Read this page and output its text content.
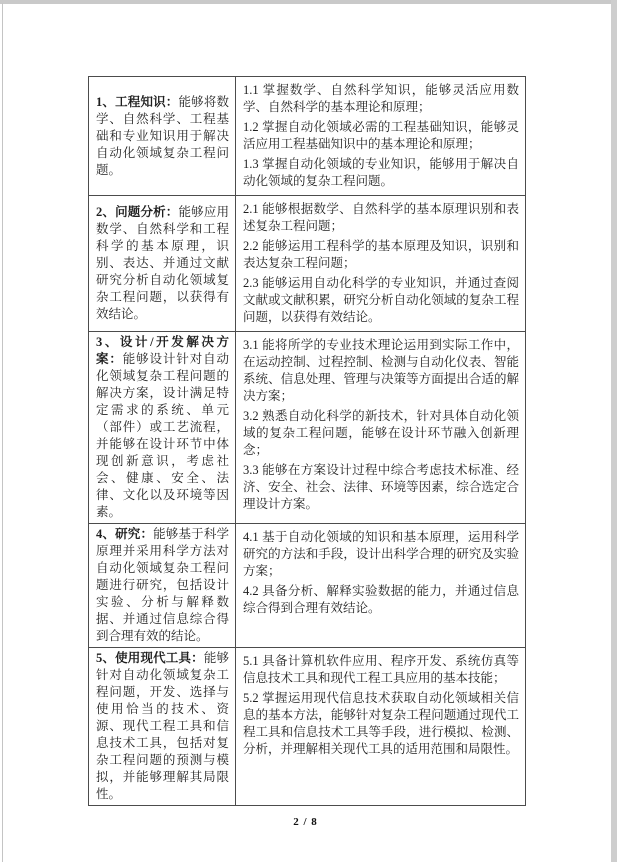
1、工程知识：能够将数学、自然科学、工程基础和专业知识用于解决自动化领域复杂工程问题。	1.1 掌握数学、自然科学知识，能够灵活应用数学、自然科学的基本理论和原理；

1.2 掌握自动化领域必需的工程基础知识，能够灵活应用工程基础知识中的基本理论和原理；

1.3 掌握自动化领域的专业知识，能够用于解决自动化领域的复杂工程问题。

2、问题分析：能够应用数学、自然科学和工程科学的基本原理，识别、表达、并通过文献研究分析自动化领域复杂工程问题，以获得有效结论。	2.1 能够根据数学、自然科学的基本原理识别和表述复杂工程问题；

2.2 能够运用工程科学的基本原理及知识，识别和表达复杂工程问题；

2.3 能够运用自动化科学的专业知识，并通过查阅文献或文献积累，研究分析自动化领域的复杂工程问题，以获得有效结论。

3、设计/开发解决方案：能够设计针对自动化领域复杂工程问题的解决方案，设计满足特定需求的系统、单元（部件）或工艺流程，并能够在设计环节中体现创新意识，考虑社会、健康、安全、法律、文化以及环境等因素。	3.1 能将所学的专业技术理论运用到实际工作中，在运动控制、过程控制、检测与自动化仪表、智能系统、信息处理、管理与决策等方面提出合适的解决方案；

3.2 熟悉自动化科学的新技术，针对具体自动化领域的复杂工程问题，能够在设计环节融入创新理念；

3.3 能够在方案设计过程中综合考虑技术标准、经济、安全、社会、法律、环境等因素，综合选定合理设计方案。

4、研究：能够基于科学原理并采用科学方法对自动化领域复杂工程问题进行研究，包括设计实验、分析与解释数据、并通过信息综合得到合理有效的结论。	4.1 基于自动化领域的知识和基本原理，运用科学研究的方法和手段，设计出科学合理的研究及实验方案；

4.2 具备分析、解释实验数据的能力，并通过信息综合得到合理有效结论。

5、使用现代工具：能够针对自动化领域复杂工程问题，开发、选择与使用恰当的技术、资源、现代工程工具和信息技术工具，包括对复杂工程问题的预测与模拟，并能够理解其局限性。	5.1 具备计算机软件应用、程序开发、系统仿真等信息技术工具和现代工程工具应用的基本技能；

5.2 掌握运用现代信息技术获取自动化领域相关信息的基本方法，能够针对复杂工程问题通过现代工程工具和信息技术工具等手段，进行模拟、检测、分析，并理解相关现代工具的适用范围和局限性。

2 / 8
